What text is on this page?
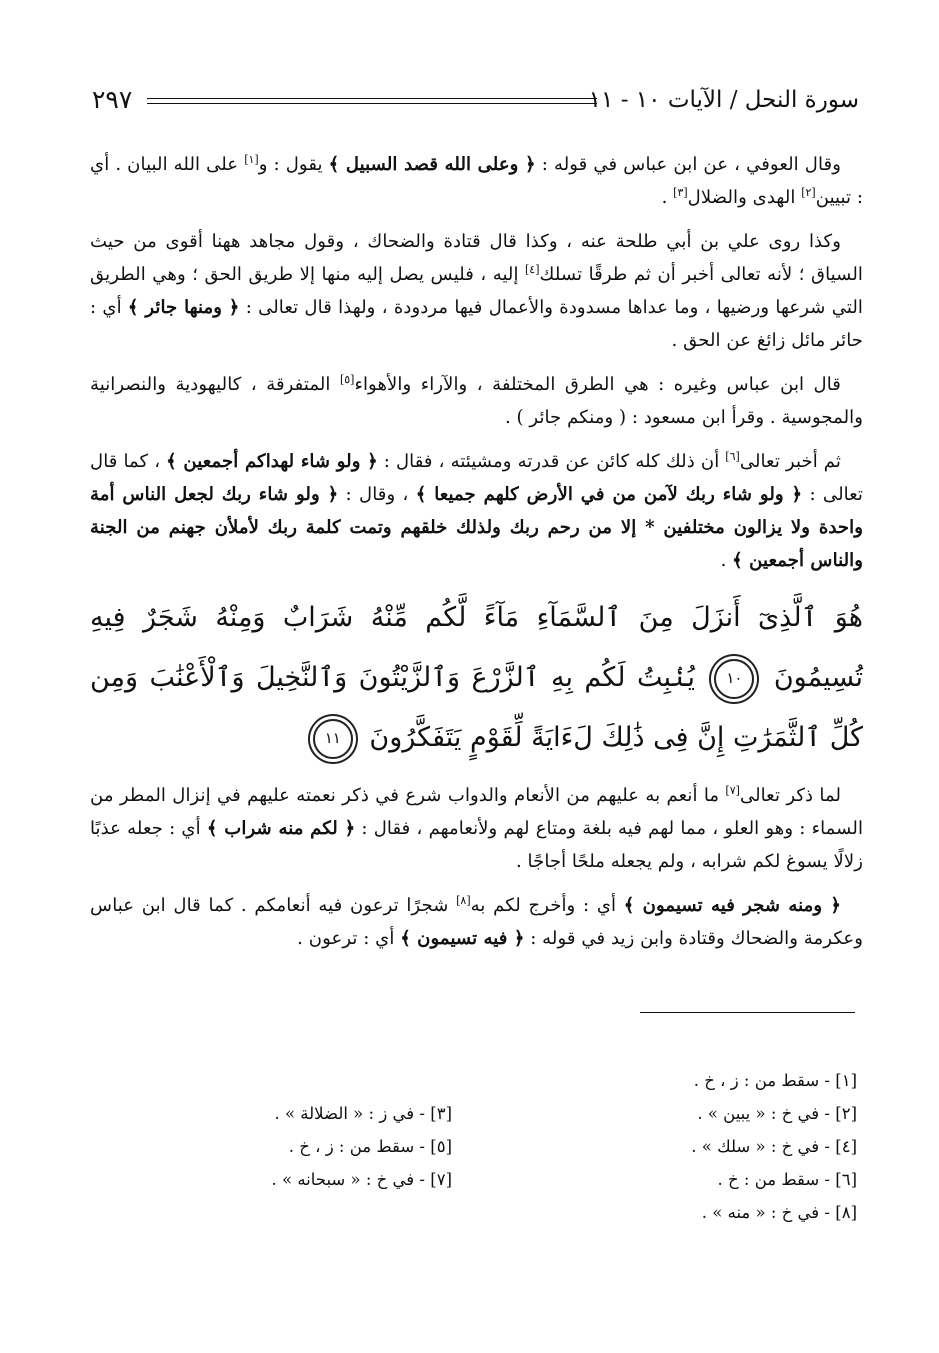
سورة النحل / الآيات ١٠ - ١١
٢٩٧

وقال العوفي ، عن ابن عباس في قوله : ﴿ وعلى الله قصد السبيل ﴾ يقول : و[١] على الله البيان . أي : تبيين[٢] الهدى والضلال[٣] .

وكذا روى علي بن أبي طلحة عنه ، وكذا قال قتادة والضحاك ، وقول مجاهد ههنا أقوى من حيث السياق ؛ لأنه تعالى أخبر أن ثم طرقًا تسلك[٤] إليه ، فليس يصل إليه منها إلا طريق الحق ؛ وهي الطريق التي شرعها ورضيها ، وما عداها مسدودة والأعمال فيها مردودة ، ولهذا قال تعالى : ﴿ ومنها جائر ﴾ أي : حائر مائل زائغ عن الحق .

قال ابن عباس وغيره : هي الطرق المختلفة ، والآراء والأهواء[٥] المتفرقة ، كاليهودية والنصرانية والمجوسية . وقرأ ابن مسعود : ( ومنكم جائر ) .

ثم أخبر تعالى[٦] أن ذلك كله كائن عن قدرته ومشيئته ، فقال : ﴿ ولو شاء لهداكم أجمعين ﴾ ، كما قال تعالى : ﴿ ولو شاء ربك لآمن من في الأرض كلهم جميعا ﴾ ، وقال : ﴿ ولو شاء ربك لجعل الناس أمة واحدة ولا يزالون مختلفين * إلا من رحم ربك ولذلك خلقهم وتمت كلمة ربك لأملأن جهنم من الجنة والناس أجمعين ﴾ .

هُوَ ٱلَّذِىٓ أَنزَلَ مِنَ ٱلسَّمَآءِ مَآءً لَّكُم مِّنْهُ شَرَابٌ وَمِنْهُ شَجَرٌ فِيهِ تُسِيمُونَ ١٠ يُنۢبِتُ لَكُم بِهِ ٱلزَّرْعَ وَٱلزَّيْتُونَ وَٱلنَّخِيلَ وَٱلْأَعْنَٰبَ وَمِن كُلِّ ٱلثَّمَرَٰتِ إِنَّ فِى ذَٰلِكَ لَءَايَةً لِّقَوْمٍ يَتَفَكَّرُونَ ١١

لما ذكر تعالى[٧] ما أنعم به عليهم من الأنعام والدواب شرع في ذكر نعمته عليهم في إنزال المطر من السماء : وهو العلو ، مما لهم فيه بلغة ومتاع لهم ولأنعامهم ، فقال : ﴿ لكم منه شراب ﴾ أي : جعله عذبًا زلالًا يسوغ لكم شرابه ، ولم يجعله ملحًا أجاجًا .

﴿ ومنه شجر فيه تسيمون ﴾ أي : وأخرج لكم به[٨] شجرًا ترعون فيه أنعامكم . كما قال ابن عباس وعكرمة والضحاك وقتادة وابن زيد في قوله : ﴿ فيه تسيمون ﴾ أي : ترعون .

[١] - سقط من : ز ، خ .
[٢] - في خ : « يبين » .
[٤] - في خ : « سلك » .
[٦] - سقط من : خ .
[٨] - في خ : « منه » .
[٣] - في ز : « الضلالة » .
[٥] - سقط من : ز ، خ .
[٧] - في خ : « سبحانه » .
